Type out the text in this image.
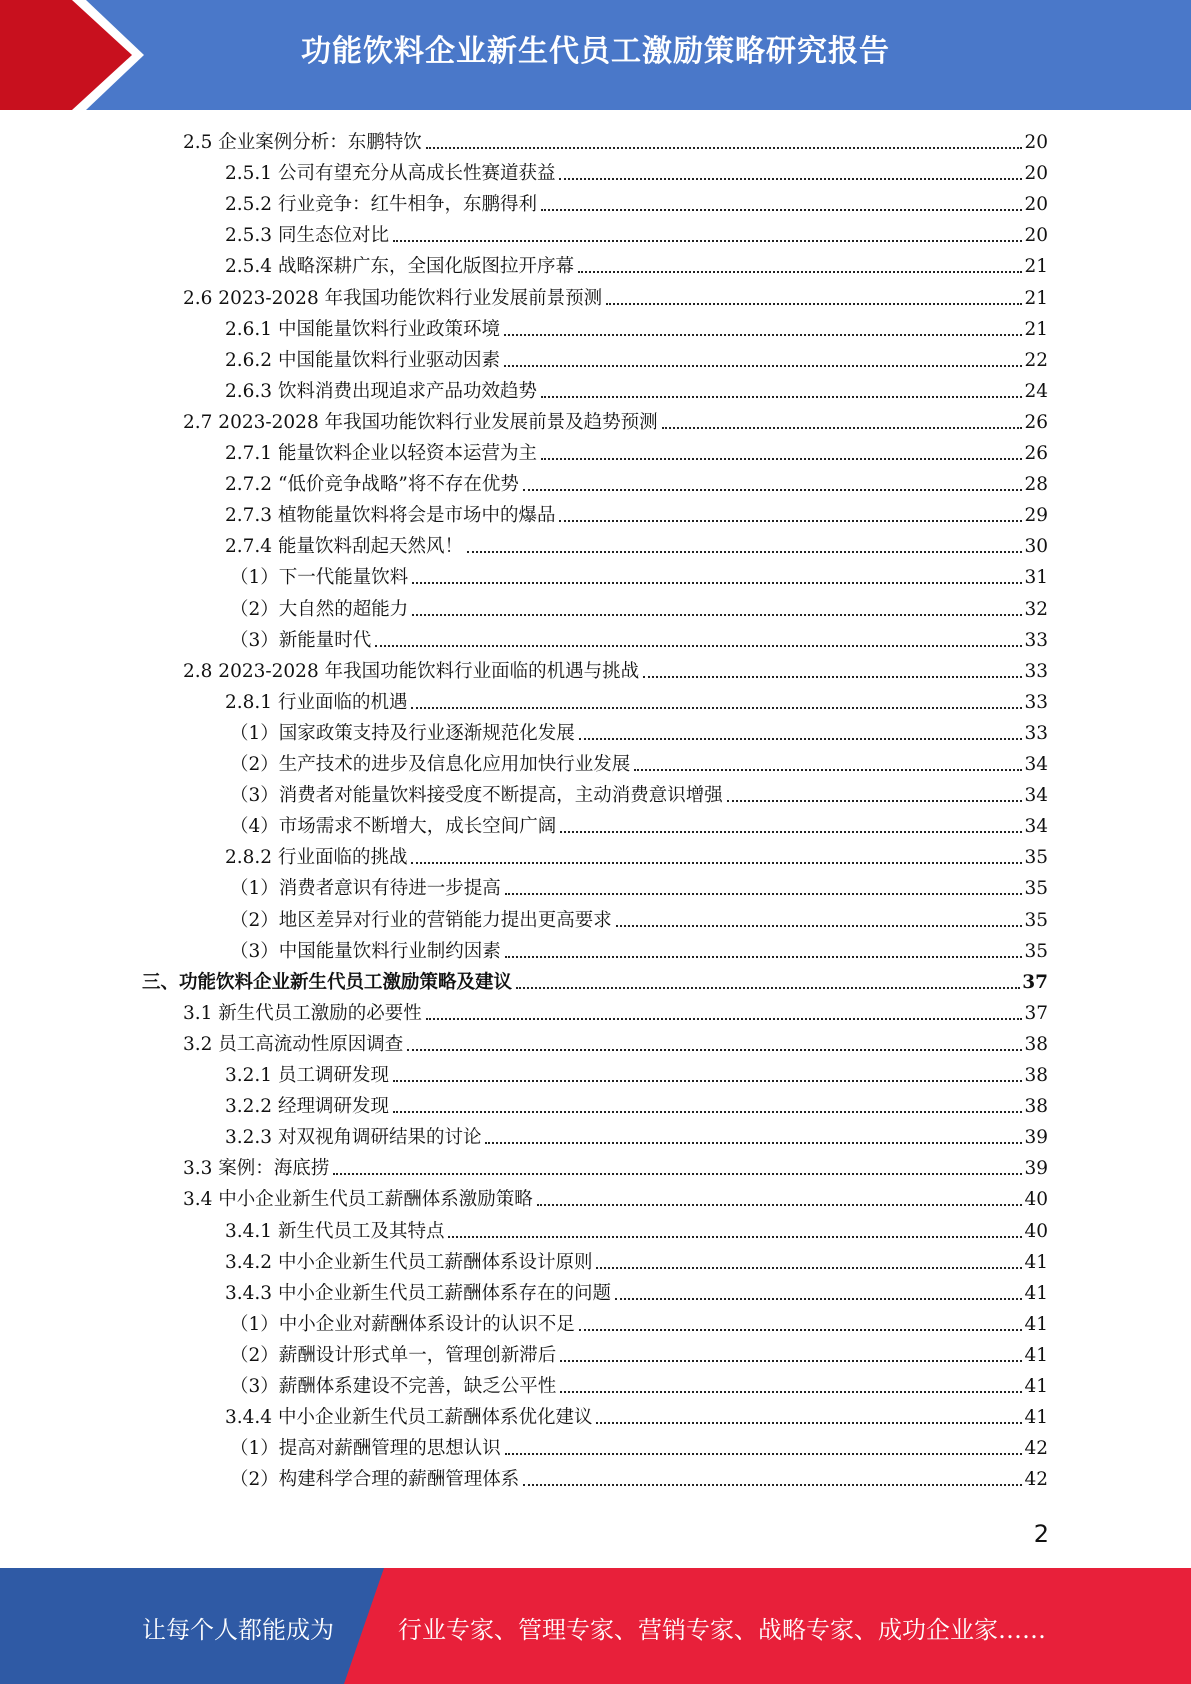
功能饮料企业新生代员工激励策略研究报告
2.5 企业案例分析：东鹏特饮	20
2.5.1 公司有望充分从高成长性赛道获益	20
2.5.2 行业竞争：红牛相争，东鹏得利	20
2.5.3 同生态位对比	20
2.5.4 战略深耕广东，全国化版图拉开序幕	21
2.6 2023-2028 年我国功能饮料行业发展前景预测	21
2.6.1 中国能量饮料行业政策环境	21
2.6.2 中国能量饮料行业驱动因素	22
2.6.3 饮料消费出现追求产品功效趋势	24
2.7 2023-2028 年我国功能饮料行业发展前景及趋势预测	26
2.7.1 能量饮料企业以轻资本运营为主	26
2.7.2 “低价竞争战略”将不存在优势	28
2.7.3 植物能量饮料将会是市场中的爆品	29
2.7.4 能量饮料刮起天然风！	30
（1）下一代能量饮料	31
（2）大自然的超能力	32
（3）新能量时代	33
2.8 2023-2028 年我国功能饮料行业面临的机遇与挑战	33
2.8.1 行业面临的机遇	33
（1）国家政策支持及行业逐渐规范化发展	33
（2）生产技术的进步及信息化应用加快行业发展	34
（3）消费者对能量饮料接受度不断提高，主动消费意识增强	34
（4）市场需求不断增大，成长空间广阔	34
2.8.2 行业面临的挑战	35
（1）消费者意识有待进一步提高	35
（2）地区差异对行业的营销能力提出更高要求	35
（3）中国能量饮料行业制约因素	35
三、功能饮料企业新生代员工激励策略及建议	37
3.1 新生代员工激励的必要性	37
3.2 员工高流动性原因调查	38
3.2.1 员工调研发现	38
3.2.2 经理调研发现	38
3.2.3 对双视角调研结果的讨论	39
3.3 案例：海底捞	39
3.4 中小企业新生代员工薪酬体系激励策略	40
3.4.1 新生代员工及其特点	40
3.4.2 中小企业新生代员工薪酬体系设计原则	41
3.4.3 中小企业新生代员工薪酬体系存在的问题	41
（1）中小企业对薪酬体系设计的认识不足	41
（2）薪酬设计形式单一，管理创新滞后	41
（3）薪酬体系建设不完善，缺乏公平性	41
3.4.4 中小企业新生代员工薪酬体系优化建议	41
（1）提高对薪酬管理的思想认识	42
（2）构建科学合理的薪酬管理体系	42
2
让每个人都能成为	行业专家、管理专家、营销专家、战略专家、成功企业家……
